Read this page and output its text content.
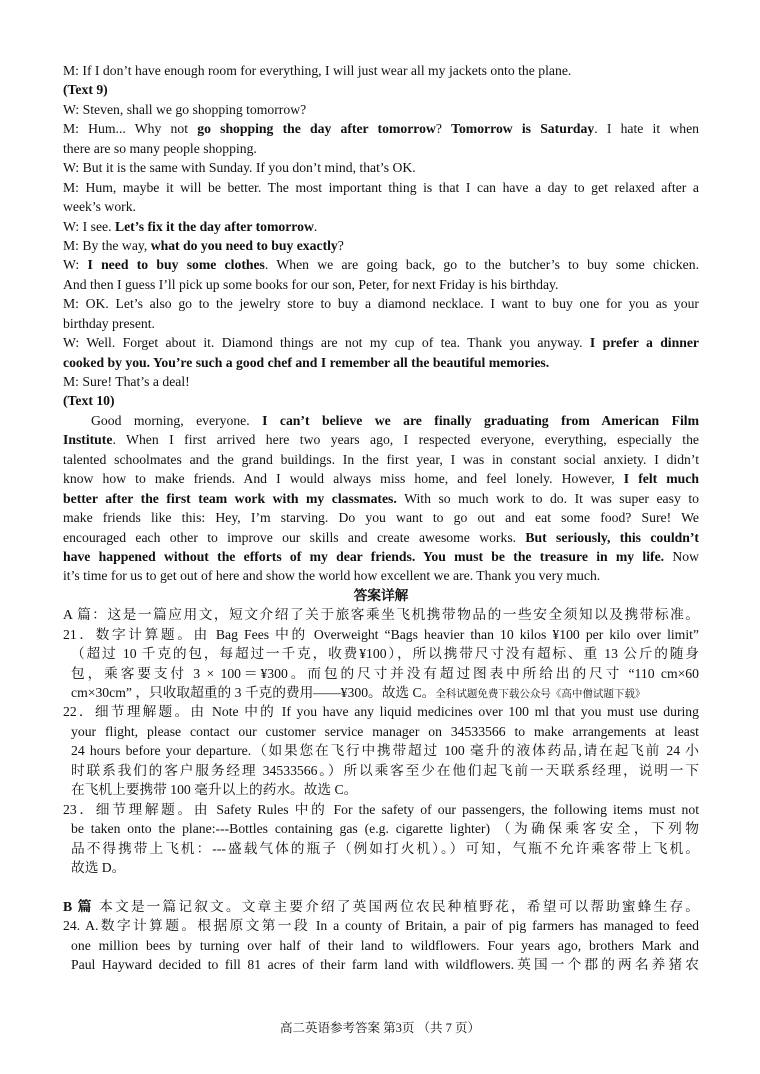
M: If I don’t have enough room for everything, I will just wear all my jackets onto the plane.
(Text 9)
W: Steven, shall we go shopping tomorrow?
M: Hum... Why not go shopping the day after tomorrow? Tomorrow is Saturday. I hate it when
there are so many people shopping.
W: But it is the same with Sunday. If you don’t mind, that’s OK.
M: Hum, maybe it will be better. The most important thing is that I can have a day to get relaxed after a
week’s work.
W: I see. Let’s fix it the day after tomorrow.
M: By the way, what do you need to buy exactly?
W: I need to buy some clothes. When we are going back, go to the butcher’s to buy some chicken.
And then I guess I’ll pick up some books for our son, Peter, for next Friday is his birthday.
M: OK. Let’s also go to the jewelry store to buy a diamond necklace. I want to buy one for you as your
birthday present.
W: Well. Forget about it. Diamond things are not my cup of tea. Thank you anyway. I prefer a dinner
cooked by you. You’re such a good chef and I remember all the beautiful memories.
M: Sure! That’s a deal!
(Text 10)
Good morning, everyone. I can’t believe we are finally graduating from American Film
Institute. When I first arrived here two years ago, I respected everyone, everything, especially the
talented schoolmates and the grand buildings. In the first year, I was in constant social anxiety. I didn’t
know how to make friends. And I would always miss home, and feel lonely. However, I felt much
better after the first team work with my classmates. With so much work to do. It was super easy to
make friends like this: Hey, I’m starving. Do you want to go out and eat some food? Sure! We
encouraged each other to improve our skills and create awesome works. But seriously, this couldn’t
have happened without the efforts of my dear friends. You must be the treasure in my life. Now
it’s time for us to get out of here and show the world how excellent we are. Thank you very much.
答案详解
A 篇：这是一篇应用文，短文介绍了关于旅客乘坐飞机携带物品的一些安全须知以及携带标准。
21．数字计算题。由 Bag Fees 中的 Overweight “Bags heavier than 10 kilos ¥100 per kilo over limit”
（超过 10 千克的包，每超过一千克，收费¥100），所以携带尺寸没有超标、重 13 公斤的随身
包，乘客要支付 3 × 100＝¥300。而包的尺寸并没有超过图表中所给出的尺寸 “110 cm×60
cm×30cm” ，只收取超重的 3 千克的费用——¥300。故选 C。全科试题免费下载公众号《高中僧试题下载》
22．细节理解题。由 Note 中的 If you have any liquid medicines over 100 ml that you must use during
your flight, please contact our customer service manager on 34533566 to make arrangements at least
24 hours before your departure.（如果您在飞行中携带超过 100 毫升的液体药品,请在起飞前 24 小
时联系我们的客户服务经理 34533566。）所以乘客至少在他们起飞前一天联系经理，说明一下
在飞机上要携带 100 毫升以上的药水。故选 C。
23．细节理解题。由 Safety Rules 中的 For the safety of our passengers, the following items must not
be taken onto the plane:---Bottles containing gas (e.g. cigarette lighter) （为确保乘客安全，下列物
品不得携带上飞机：---盛载气体的瓶子（例如打火机）。）可知，气瓶不允许乘客带上飞机。
故选 D。
B 篇 本文是一篇记叙文。文章主要介绍了英国两位农民种植野花，希望可以帮助蜜蜂生存。
24. A.数字计算题。根据原文第一段 In a county of Britain, a pair of pig farmers has managed to feed
one million bees by turning over half of their land to wildflowers. Four years ago, brothers Mark and
Paul Hayward decided to fill 81 acres of their farm land with wildflowers.英国一个郡的两名养猪农
高二英语参考答案 第3页 （共 7 页）
